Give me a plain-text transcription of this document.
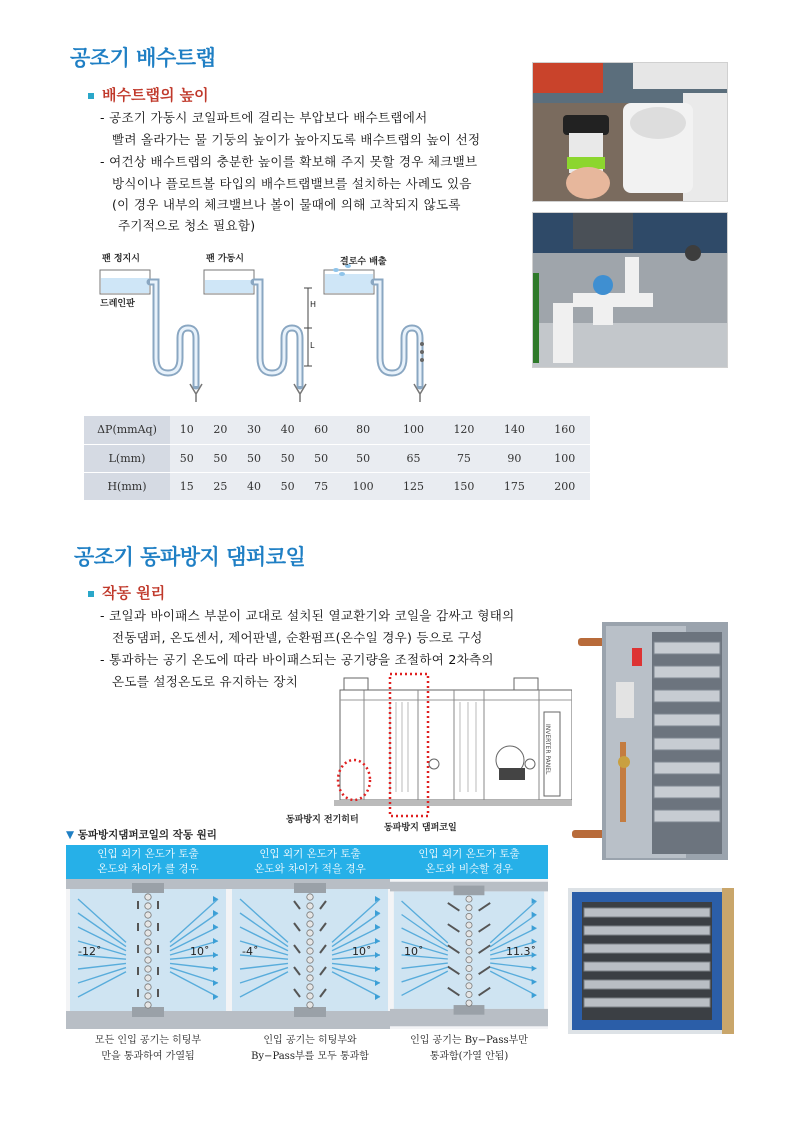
공조기 배수트랩
배수트랩의 높이
- 공조기 가동시 코일파트에 걸리는 부압보다 배수트랩에서
빨려 올라가는 물 기둥의 높이가 높아지도록 배수트랩의 높이 선정
- 여건상 배수트랩의 충분한 높이를 확보해 주지 못할 경우 체크밸브
방식이나 플로트볼 타입의 배수트랩밸브를 설치하는 사례도 있음
(이 경우 내부의 체크밸브나 볼이 물때에 의해 고착되지 않도록
주기적으로 청소 필요함)
팬 정지시
드레인판
팬 가동시	결로수 배출
H
L
ΔP(mmAq)	10	20	30	40	60	80	100	120	140	160
L(mm)	50	50	50	50	50	50	65	75	90	100
H(mm)	15	25	40	50	75	100	125	150	175	200
공조기 동파방지 댐퍼코일
작동 원리
- 코일과 바이패스 부분이 교대로 설치된 열교환기와 코일을 감싸고 형태의
전동댐퍼, 온도센서, 제어판넬, 순환펌프(온수일 경우) 등으로 구성
- 통과하는 공기 온도에 따라 바이패스되는 공기량을 조절하여 2차측의
온도를 설정온도로 유지하는 장치
INVERTER PANEL
동파방지 전기히터
동파방지 댐퍼코일
▼ 동파방지댐퍼코일의 작동 원리
인입 외기 온도가 토출
온도와 차이가 클 경우
-12˚	10˚
모든 인입 공기는 히팅부
만을 통과하여 가열됨
인입 외기 온도가 토출
온도와 차이가 적을 경우
-4˚	10˚
인입 공기는 히팅부와
By−Pass부를 모두 통과함
인입 외기 온도가 토출
온도와 비슷할 경우
10˚	11.3˚
인입 공기는 By−Pass부만
통과함(가열 안됨)
